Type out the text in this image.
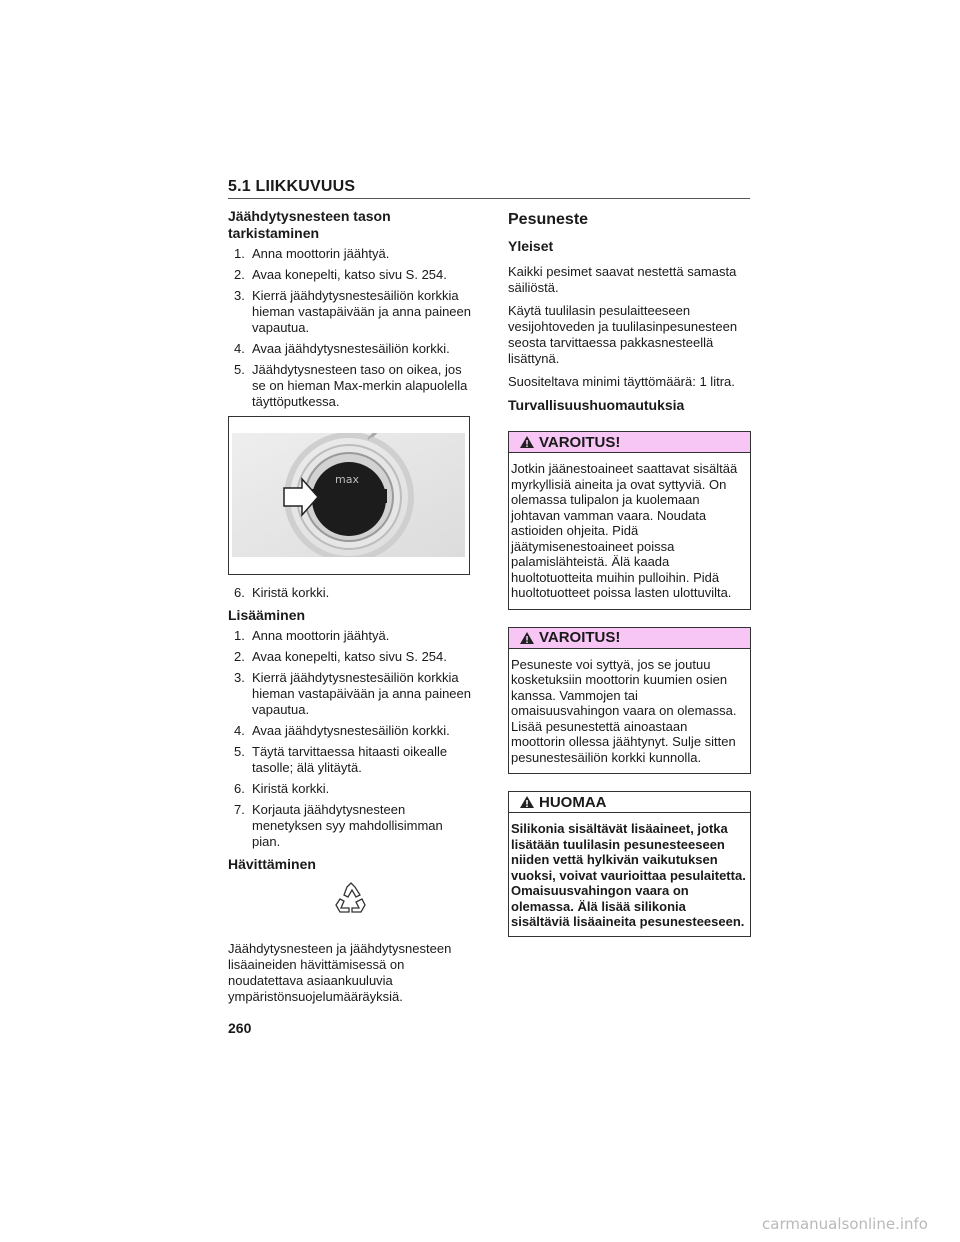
5.1 LIIKKUVUUS
Jäähdytysnesteen tason tarkistaminen
1. Anna moottorin jäähtyä.
2. Avaa konepelti, katso sivu S. 254.
3. Kierrä jäähdytysnestesäiliön korkkia hieman vastapäivään ja anna paineen vapautua.
4. Avaa jäähdytysnestesäiliön korkki.
5. Jäähdytysnesteen taso on oikea, jos se on hieman Max-merkin alapuolella täyttöputkessa.
max
6. Kiristä korkki.
Lisääminen
1. Anna moottorin jäähtyä.
2. Avaa konepelti, katso sivu S. 254.
3. Kierrä jäähdytysnestesäiliön korkkia hieman vastapäivään ja anna paineen vapautua.
4. Avaa jäähdytysnestesäiliön korkki.
5. Täytä tarvittaessa hitaasti oikealle tasolle; älä ylitäytä.
6. Kiristä korkki.
7. Korjauta jäähdytysnesteen menetyksen syy mahdollisimman pian.
Hävittäminen
Jäähdytysnesteen ja jäähdytysnesteen lisäaineiden hävittämisessä on noudatettava asiaankuuluvia ympäristönsuojelumääräyksiä.
Pesuneste
Yleiset
Kaikki pesimet saavat nestettä samasta säiliöstä.
Käytä tuulilasin pesulaitteeseen vesijohtoveden ja tuulilasinpesunesteen seosta tarvittaessa pakkasnesteellä lisättynä.
Suositeltava minimi täyttömäärä: 1 litra.
Turvallisuushuomautuksia
VAROITUS!
Jotkin jäänestoaineet saattavat sisältää myrkyllisiä aineita ja ovat syttyviä. On olemassa tulipalon ja kuolemaan johtavan vamman vaara. Noudata astioiden ohjeita. Pidä jäätymisenestoaineet poissa palamislähteistä. Älä kaada huoltotuotteita muihin pulloihin. Pidä huoltotuotteet poissa lasten ulottuvilta.
VAROITUS!
Pesuneste voi syttyä, jos se joutuu kosketuksiin moottorin kuumien osien kanssa. Vammojen tai omaisuusvahingon vaara on olemassa. Lisää pesunestettä ainoastaan moottorin ollessa jäähtynyt. Sulje sitten pesunestesäiliön korkki kunnolla.
HUOMAA
Silikonia sisältävät lisäaineet, jotka lisätään tuulilasin pesunesteeseen niiden vettä hylkivän vaikutuksen vuoksi, voivat vaurioittaa pesulaitetta. Omaisuusvahingon vaara on olemassa. Älä lisää silikonia sisältäviä lisäaineita pesunesteeseen.
260
carmanualsonline.info
